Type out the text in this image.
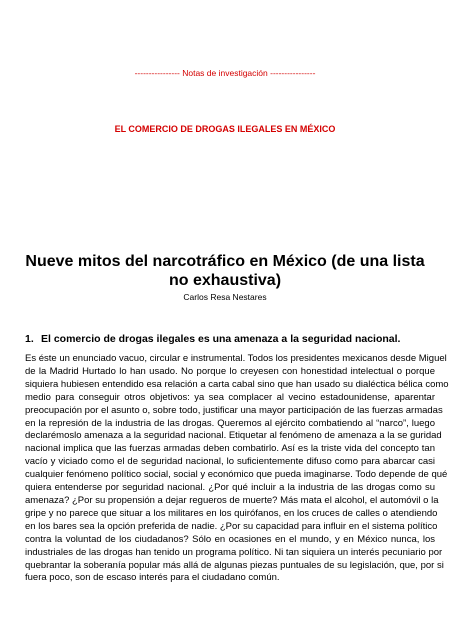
---------------- Notas de investigación ----------------
EL COMERCIO DE DROGAS ILEGALES EN MÉXICO
Nueve mitos del narcotráfico en México (de una lista no exhaustiva)
Carlos Resa Nestares
1. El comercio de drogas ilegales es una amenaza a la seguridad nacional.
Es éste un enunciado vacuo, circular e instrumental. Todos los presidentes mexicanos desde Miguel
de la Madrid Hurtado lo han usado. No porque lo creyesen con honestidad intelectual o porque
siquiera hubiesen entendido esa relación a carta cabal sino que han usado su dialéctica bélica como
medio para conseguir otros objetivos: ya sea complacer al vecino estadounidense, aparentar
preocupación por el asunto o, sobre todo, justificar una mayor participación de las fuerzas armadas
en la represión de la industria de las drogas. Queremos al ejército combatiendo al “narco”, luego
declarémoslo amenaza a la seguridad nacional. Etiquetar al fenómeno de amenaza a la se guridad
nacional implica que las fuerzas armadas deben combatirlo. Así es la triste vida del concepto tan
vacío y viciado como el de seguridad nacional, lo suficientemente difuso como para abarcar casi
cualquier fenómeno político social, social y económico que pueda imaginarse. Todo depende de qué
quiera entenderse por seguridad nacional. ¿Por qué incluir a la industria de las drogas como su
amenaza? ¿Por su propensión a dejar regueros de muerte? Más mata el alcohol, el automóvil o la
gripe y no parece que situar a los militares en los quirófanos, en los cruces de calles o atendiendo
en los bares sea la opción preferida de nadie. ¿Por su capacidad para influir en el sistema político
contra la voluntad de los ciudadanos? Sólo en ocasiones en el mundo, y en México nunca, los
industriales de las drogas han tenido un programa político. Ni tan siquiera un interés pecuniario por
quebrantar la soberanía popular más allá de algunas piezas puntuales de su legislación, que, por si
fuera poco, son de escaso interés para el ciudadano común.
